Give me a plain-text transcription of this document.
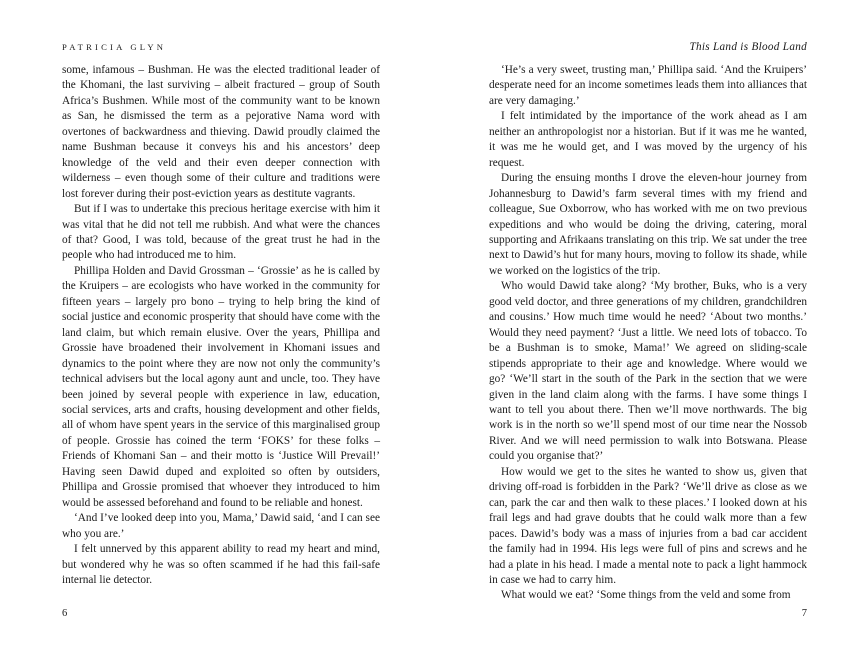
PATRICIA GLYN

some, infamous – Bushman. He was the elected traditional leader of the Khomani, the last surviving – albeit fractured – group of South Africa’s Bushmen. While most of the community want to be known as San, he dismissed the term as a pejorative Nama word with overtones of backwardness and thieving. Dawid proudly claimed the name Bushman because it conveys his and his ancestors’ deep knowledge of the veld and their even deeper connection with wilderness – even though some of their culture and traditions were lost forever during their post-eviction years as destitute vagrants.

But if I was to undertake this precious heritage exercise with him it was vital that he did not tell me rubbish. And what were the chances of that? Good, I was told, because of the great trust he had in the people who had introduced me to him.

Phillipa Holden and David Grossman – ‘Grossie’ as he is called by the Kruipers – are ecologists who have worked in the community for fifteen years – largely pro bono – trying to help bring the kind of social justice and economic prosperity that should have come with the land claim, but which remain elusive. Over the years, Phillipa and Grossie have broadened their involvement in Khomani issues and dynamics to the point where they are now not only the community’s technical advisers but the local agony aunt and uncle, too. They have been joined by several people with experience in law, education, social services, arts and crafts, housing development and other fields, all of whom have spent years in the service of this marginalised group of people. Grossie has coined the term ‘FOKS’ for these folks – Friends of Khomani San – and their motto is ‘Justice Will Prevail!’ Having seen Dawid duped and exploited so often by outsiders, Phillipa and Grossie promised that whoever they introduced to him would be assessed beforehand and found to be reliable and honest.

‘And I’ve looked deep into you, Mama,’ Dawid said, ‘and I can see who you are.’

I felt unnerved by this apparent ability to read my heart and mind, but wondered why he was so often scammed if he had this fail-safe internal lie detector.

6
This Land is Blood Land

‘He’s a very sweet, trusting man,’ Phillipa said. ‘And the Kruipers’ desperate need for an income sometimes leads them into alliances that are very damaging.’

I felt intimidated by the importance of the work ahead as I am neither an anthropologist nor a historian. But if it was me he wanted, it was me he would get, and I was moved by the urgency of his request.

During the ensuing months I drove the eleven-hour journey from Johannesburg to Dawid’s farm several times with my friend and colleague, Sue Oxborrow, who has worked with me on two previous expeditions and who would be doing the driving, catering, moral supporting and Afrikaans translating on this trip. We sat under the tree next to Dawid’s hut for many hours, moving to follow its shade, while we worked on the logistics of the trip.

Who would Dawid take along? ‘My brother, Buks, who is a very good veld doctor, and three generations of my children, grandchildren and cousins.’ How much time would he need? ‘About two months.’ Would they need payment? ‘Just a little. We need lots of tobacco. To be a Bushman is to smoke, Mama!’ We agreed on sliding-scale stipends appropriate to their age and knowledge. Where would we go? ‘We’ll start in the south of the Park in the section that we were given in the land claim along with the farms. I have some things I want to tell you about there. Then we’ll move northwards. The big work is in the north so we’ll spend most of our time near the Nossob River. And we will need permission to walk into Botswana. Please could you organise that?’

How would we get to the sites he wanted to show us, given that driving off-road is forbidden in the Park? ‘We’ll drive as close as we can, park the car and then walk to these places.’ I looked down at his frail legs and had grave doubts that he could walk more than a few paces. Dawid’s body was a mass of injuries from a bad car accident the family had in 1994. His legs were full of pins and screws and he had a plate in his head. I made a mental note to pack a light hammock in case we had to carry him.

What would we eat? ‘Some things from the veld and some from

7
